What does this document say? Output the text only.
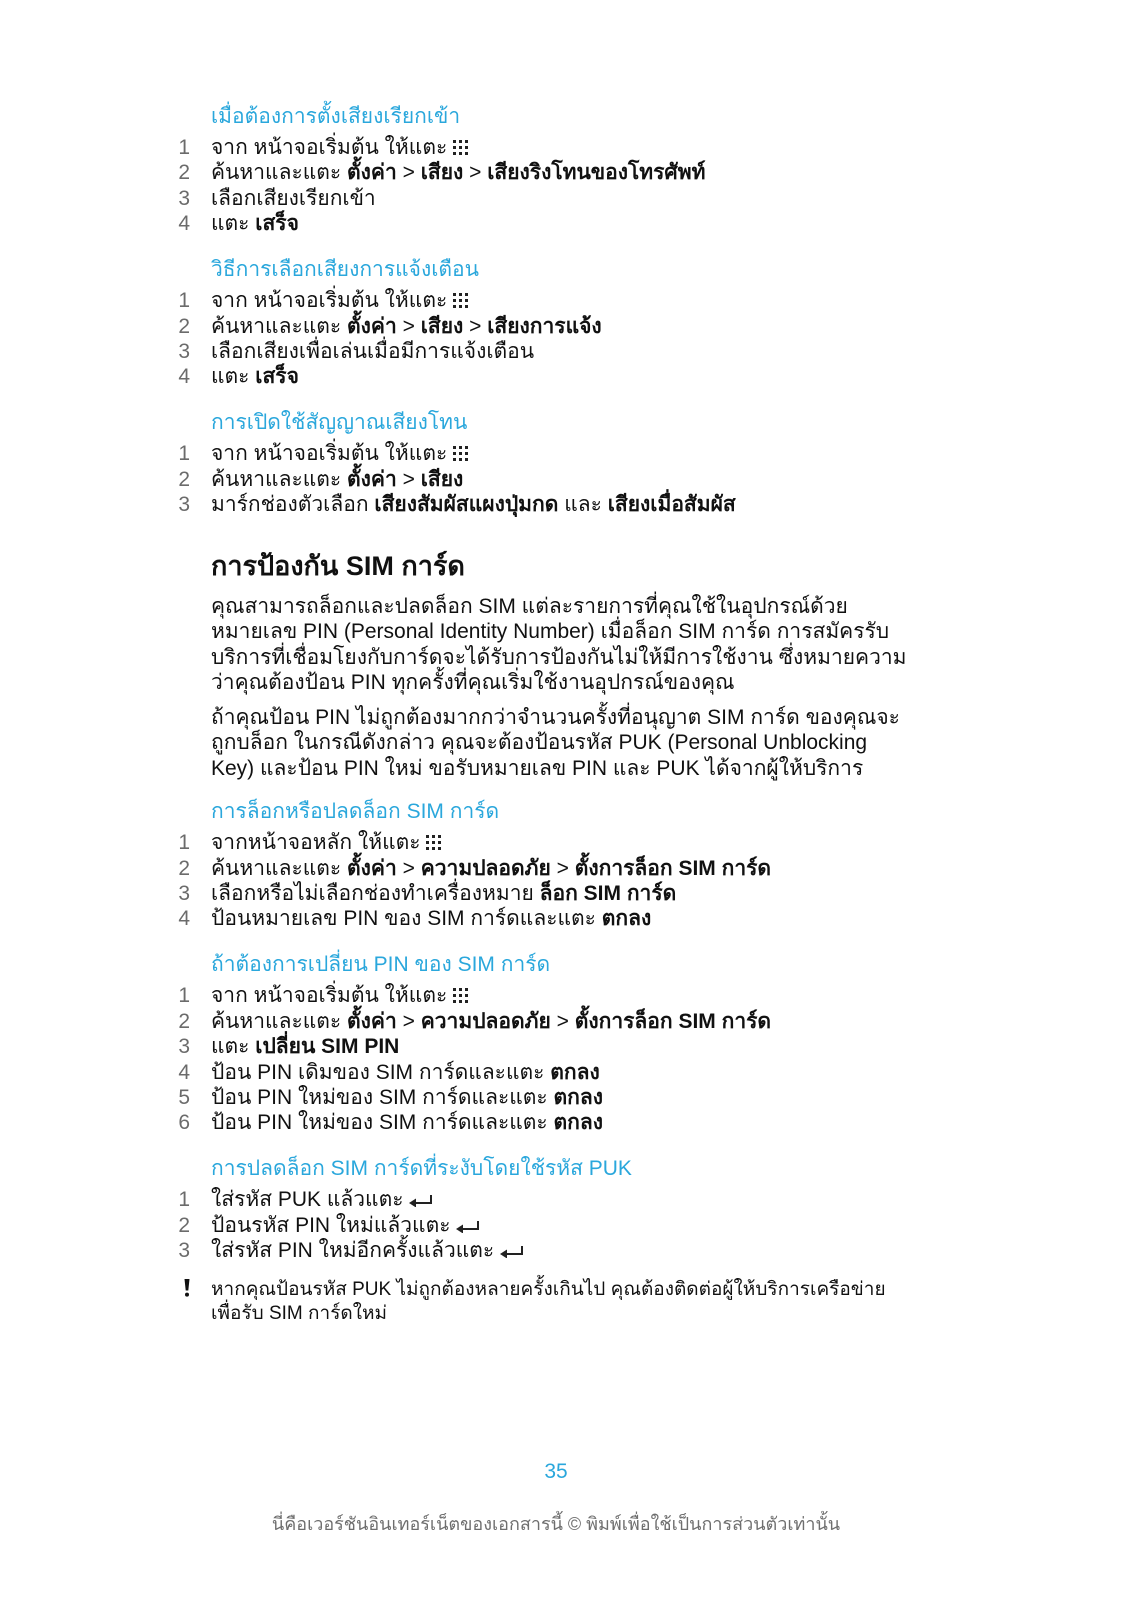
เมื่อต้องการตั้งเสียงเรียกเข้า
1 จาก หน้าจอเริ่มต้น ให้แตะ
2 ค้นหาและแตะ ตั้งค่า > เสียง > เสียงริงโทนของโทรศัพท์
3 เลือกเสียงเรียกเข้า
4 แตะ เสร็จ
วิธีการเลือกเสียงการแจ้งเตือน
1 จาก หน้าจอเริ่มต้น ให้แตะ
2 ค้นหาและแตะ ตั้งค่า > เสียง > เสียงการแจ้ง
3 เลือกเสียงเพื่อเล่นเมื่อมีการแจ้งเตือน
4 แตะ เสร็จ
การเปิดใช้สัญญาณเสียงโทน
1 จาก หน้าจอเริ่มต้น ให้แตะ
2 ค้นหาและแตะ ตั้งค่า > เสียง
3 มาร์กช่องตัวเลือก เสียงสัมผัสแผงปุ่มกด และ เสียงเมื่อสัมผัส
การป้องกัน SIM การ์ด
คุณสามารถล็อกและปลดล็อก SIM แต่ละรายการที่คุณใช้ในอุปกรณ์ด้วย
หมายเลข PIN (Personal Identity Number) เมื่อล็อก SIM การ์ด การสมัครรับ
บริการที่เชื่อมโยงกับการ์ดจะได้รับการป้องกันไม่ให้มีการใช้งาน ซึ่งหมายความ
ว่าคุณต้องป้อน PIN ทุกครั้งที่คุณเริ่มใช้งานอุปกรณ์ของคุณ
ถ้าคุณป้อน PIN ไม่ถูกต้องมากกว่าจำนวนครั้งที่อนุญาต SIM การ์ด ของคุณจะ
ถูกบล็อก ในกรณีดังกล่าว คุณจะต้องป้อนรหัส PUK (Personal Unblocking
Key) และป้อน PIN ใหม่ ขอรับหมายเลข PIN และ PUK ได้จากผู้ให้บริการ
การล็อกหรือปลดล็อก SIM การ์ด
1 จากหน้าจอหลัก ให้แตะ
2 ค้นหาและแตะ ตั้งค่า > ความปลอดภัย > ตั้งการล็อก SIM การ์ด
3 เลือกหรือไม่เลือกช่องทำเครื่องหมาย ล็อก SIM การ์ด
4 ป้อนหมายเลข PIN ของ SIM การ์ดและแตะ ตกลง
ถ้าต้องการเปลี่ยน PIN ของ SIM การ์ด
1 จาก หน้าจอเริ่มต้น ให้แตะ
2 ค้นหาและแตะ ตั้งค่า > ความปลอดภัย > ตั้งการล็อก SIM การ์ด
3 แตะ เปลี่ยน SIM PIN
4 ป้อน PIN เดิมของ SIM การ์ดและแตะ ตกลง
5 ป้อน PIN ใหม่ของ SIM การ์ดและแตะ ตกลง
6 ป้อน PIN ใหม่ของ SIM การ์ดและแตะ ตกลง
การปลดล็อก SIM การ์ดที่ระงับโดยใช้รหัส PUK
1 ใส่รหัส PUK แล้วแตะ
2 ป้อนรหัส PIN ใหม่แล้วแตะ
3 ใส่รหัส PIN ใหม่อีกครั้งแล้วแตะ
หากคุณป้อนรหัส PUK ไม่ถูกต้องหลายครั้งเกินไป คุณต้องติดต่อผู้ให้บริการเครือข่าย
เพื่อรับ SIM การ์ดใหม่
35
นี่คือเวอร์ชันอินเทอร์เน็ตของเอกสารนี้ © พิมพ์เพื่อใช้เป็นการส่วนตัวเท่านั้น
